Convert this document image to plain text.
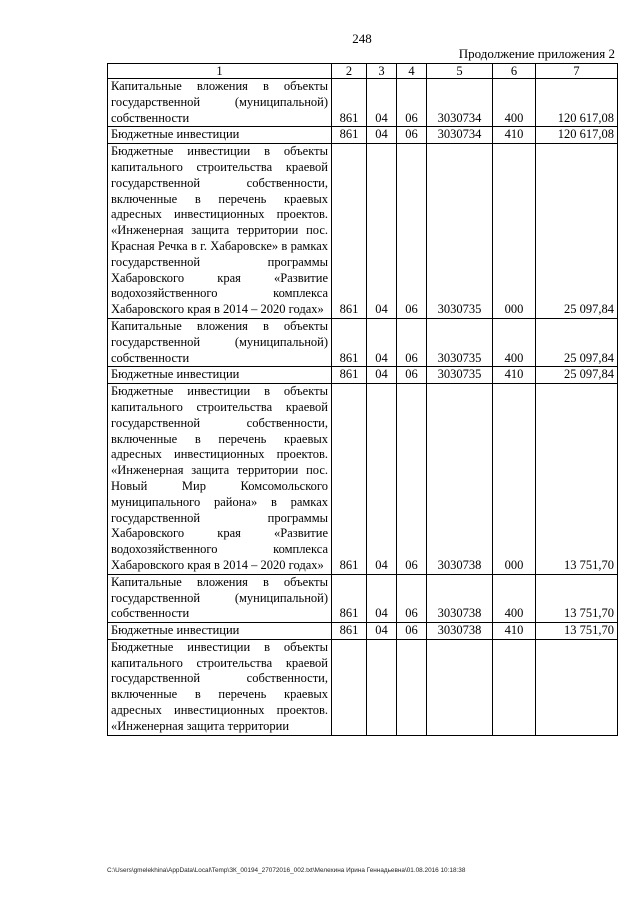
248
Продолжение приложения 2
1	2	3	4	5	6	7
Капитальные вложения в объекты государственной (муниципальной) собственности	861	04	06	3030734	400	120 617,08
Бюджетные инвестиции	861	04	06	3030734	410	120 617,08
Бюджетные инвестиции в объекты капитального строительства краевой государственной собственности, включенные в перечень краевых адресных инвестиционных проектов. «Инженерная защита территории пос. Красная Речка в г. Хабаровске» в рамках государственной программы Хабаровского края «Развитие водохозяйственного комплекса Хабаровского края в 2014 – 2020 годах»	861	04	06	3030735	000	25 097,84
Капитальные вложения в объекты государственной (муниципальной) собственности	861	04	06	3030735	400	25 097,84
Бюджетные инвестиции	861	04	06	3030735	410	25 097,84
Бюджетные инвестиции в объекты капитального строительства краевой государственной собственности, включенные в перечень краевых адресных инвестиционных проектов. «Инженерная защита территории пос. Новый Мир Комсомольского муниципального района» в рамках государственной программы Хабаровского края «Развитие водохозяйственного комплекса Хабаровского края в 2014 – 2020 годах»	861	04	06	3030738	000	13 751,70
Капитальные вложения в объекты государственной (муниципальной) собственности	861	04	06	3030738	400	13 751,70
Бюджетные инвестиции	861	04	06	3030738	410	13 751,70
Бюджетные инвестиции в объекты капитального строительства краевой государственной собственности, включенные в перечень краевых адресных инвестиционных проектов. «Инженерная защита территории						
C:\Users\gmelekhina\AppData\Local\Temp\ЗК_00194_27072016_002.txt\Мелехина Ирина Геннадьевна\01.08.2016 10:18:38
